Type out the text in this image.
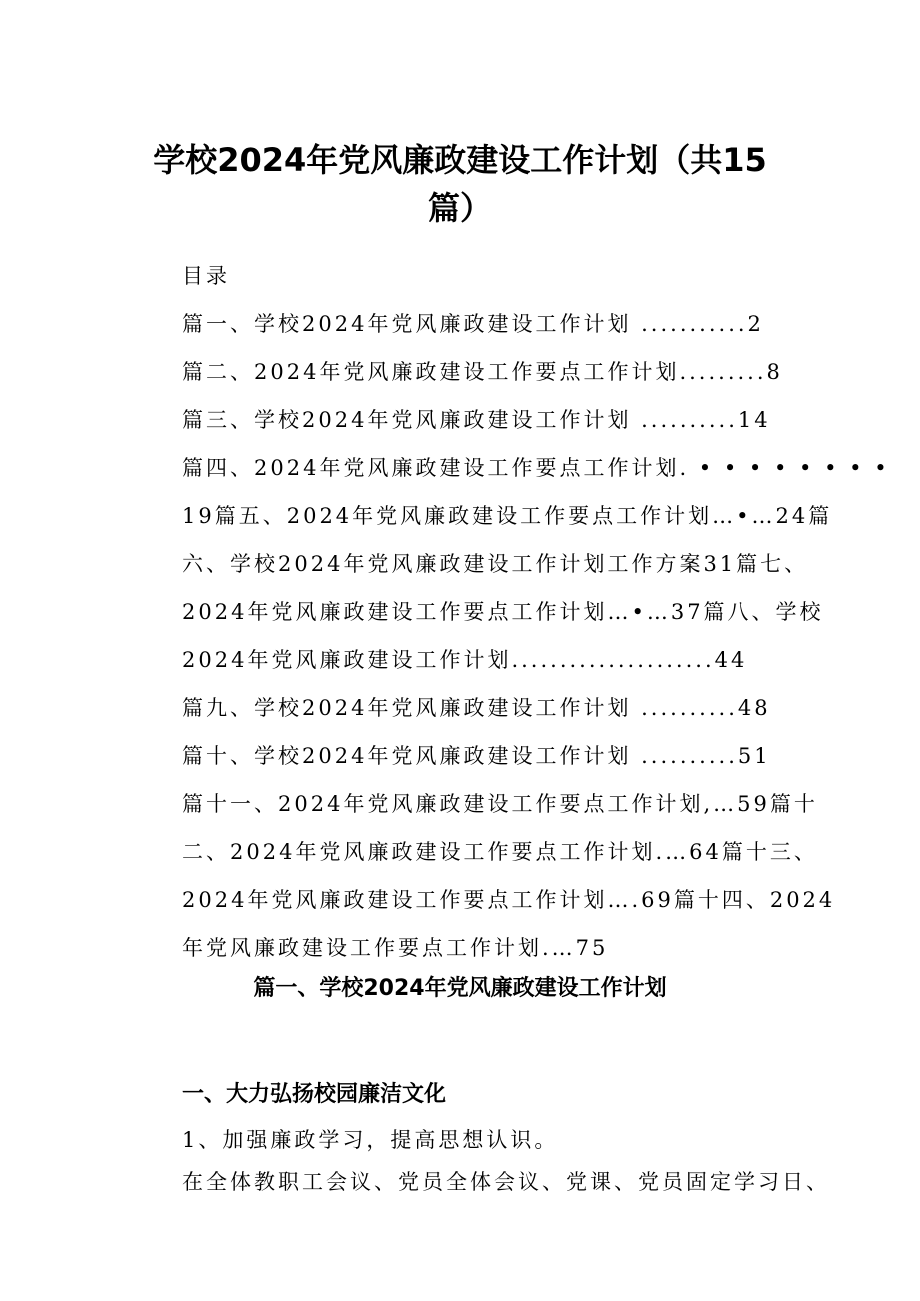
学校2024年党风廉政建设工作计划（共15
篇）
目录
篇一、学校2024年党风廉政建设工作计划 ...........2
篇二、2024年党风廉政建设工作要点工作计划.........8
篇三、学校2024年党风廉政建设工作计划 ..........14
篇四、2024年党风廉政建设工作要点工作计划. • • • • • • • •
19篇五、2024年党风廉政建设工作要点工作计划…•…24篇
六、学校2024年党风廉政建设工作计划工作方案31篇七、
2024年党风廉政建设工作要点工作计划…•…37篇八、学校
2024年党风廉政建设工作计划.....................44
篇九、学校2024年党风廉政建设工作计划 ..........48
篇十、学校2024年党风廉政建设工作计划 ..........51
篇十一、2024年党风廉政建设工作要点工作计划,…59篇十
二、2024年党风廉政建设工作要点工作计划.…64篇十三、
2024年党风廉政建设工作要点工作计划….69篇十四、2024
年党风廉政建设工作要点工作计划.…75
篇一、学校2024年党风廉政建设工作计划
一、大力弘扬校园廉洁文化
1、加强廉政学习，提高思想认识。
在全体教职工会议、党员全体会议、党课、党员固定学习日、
